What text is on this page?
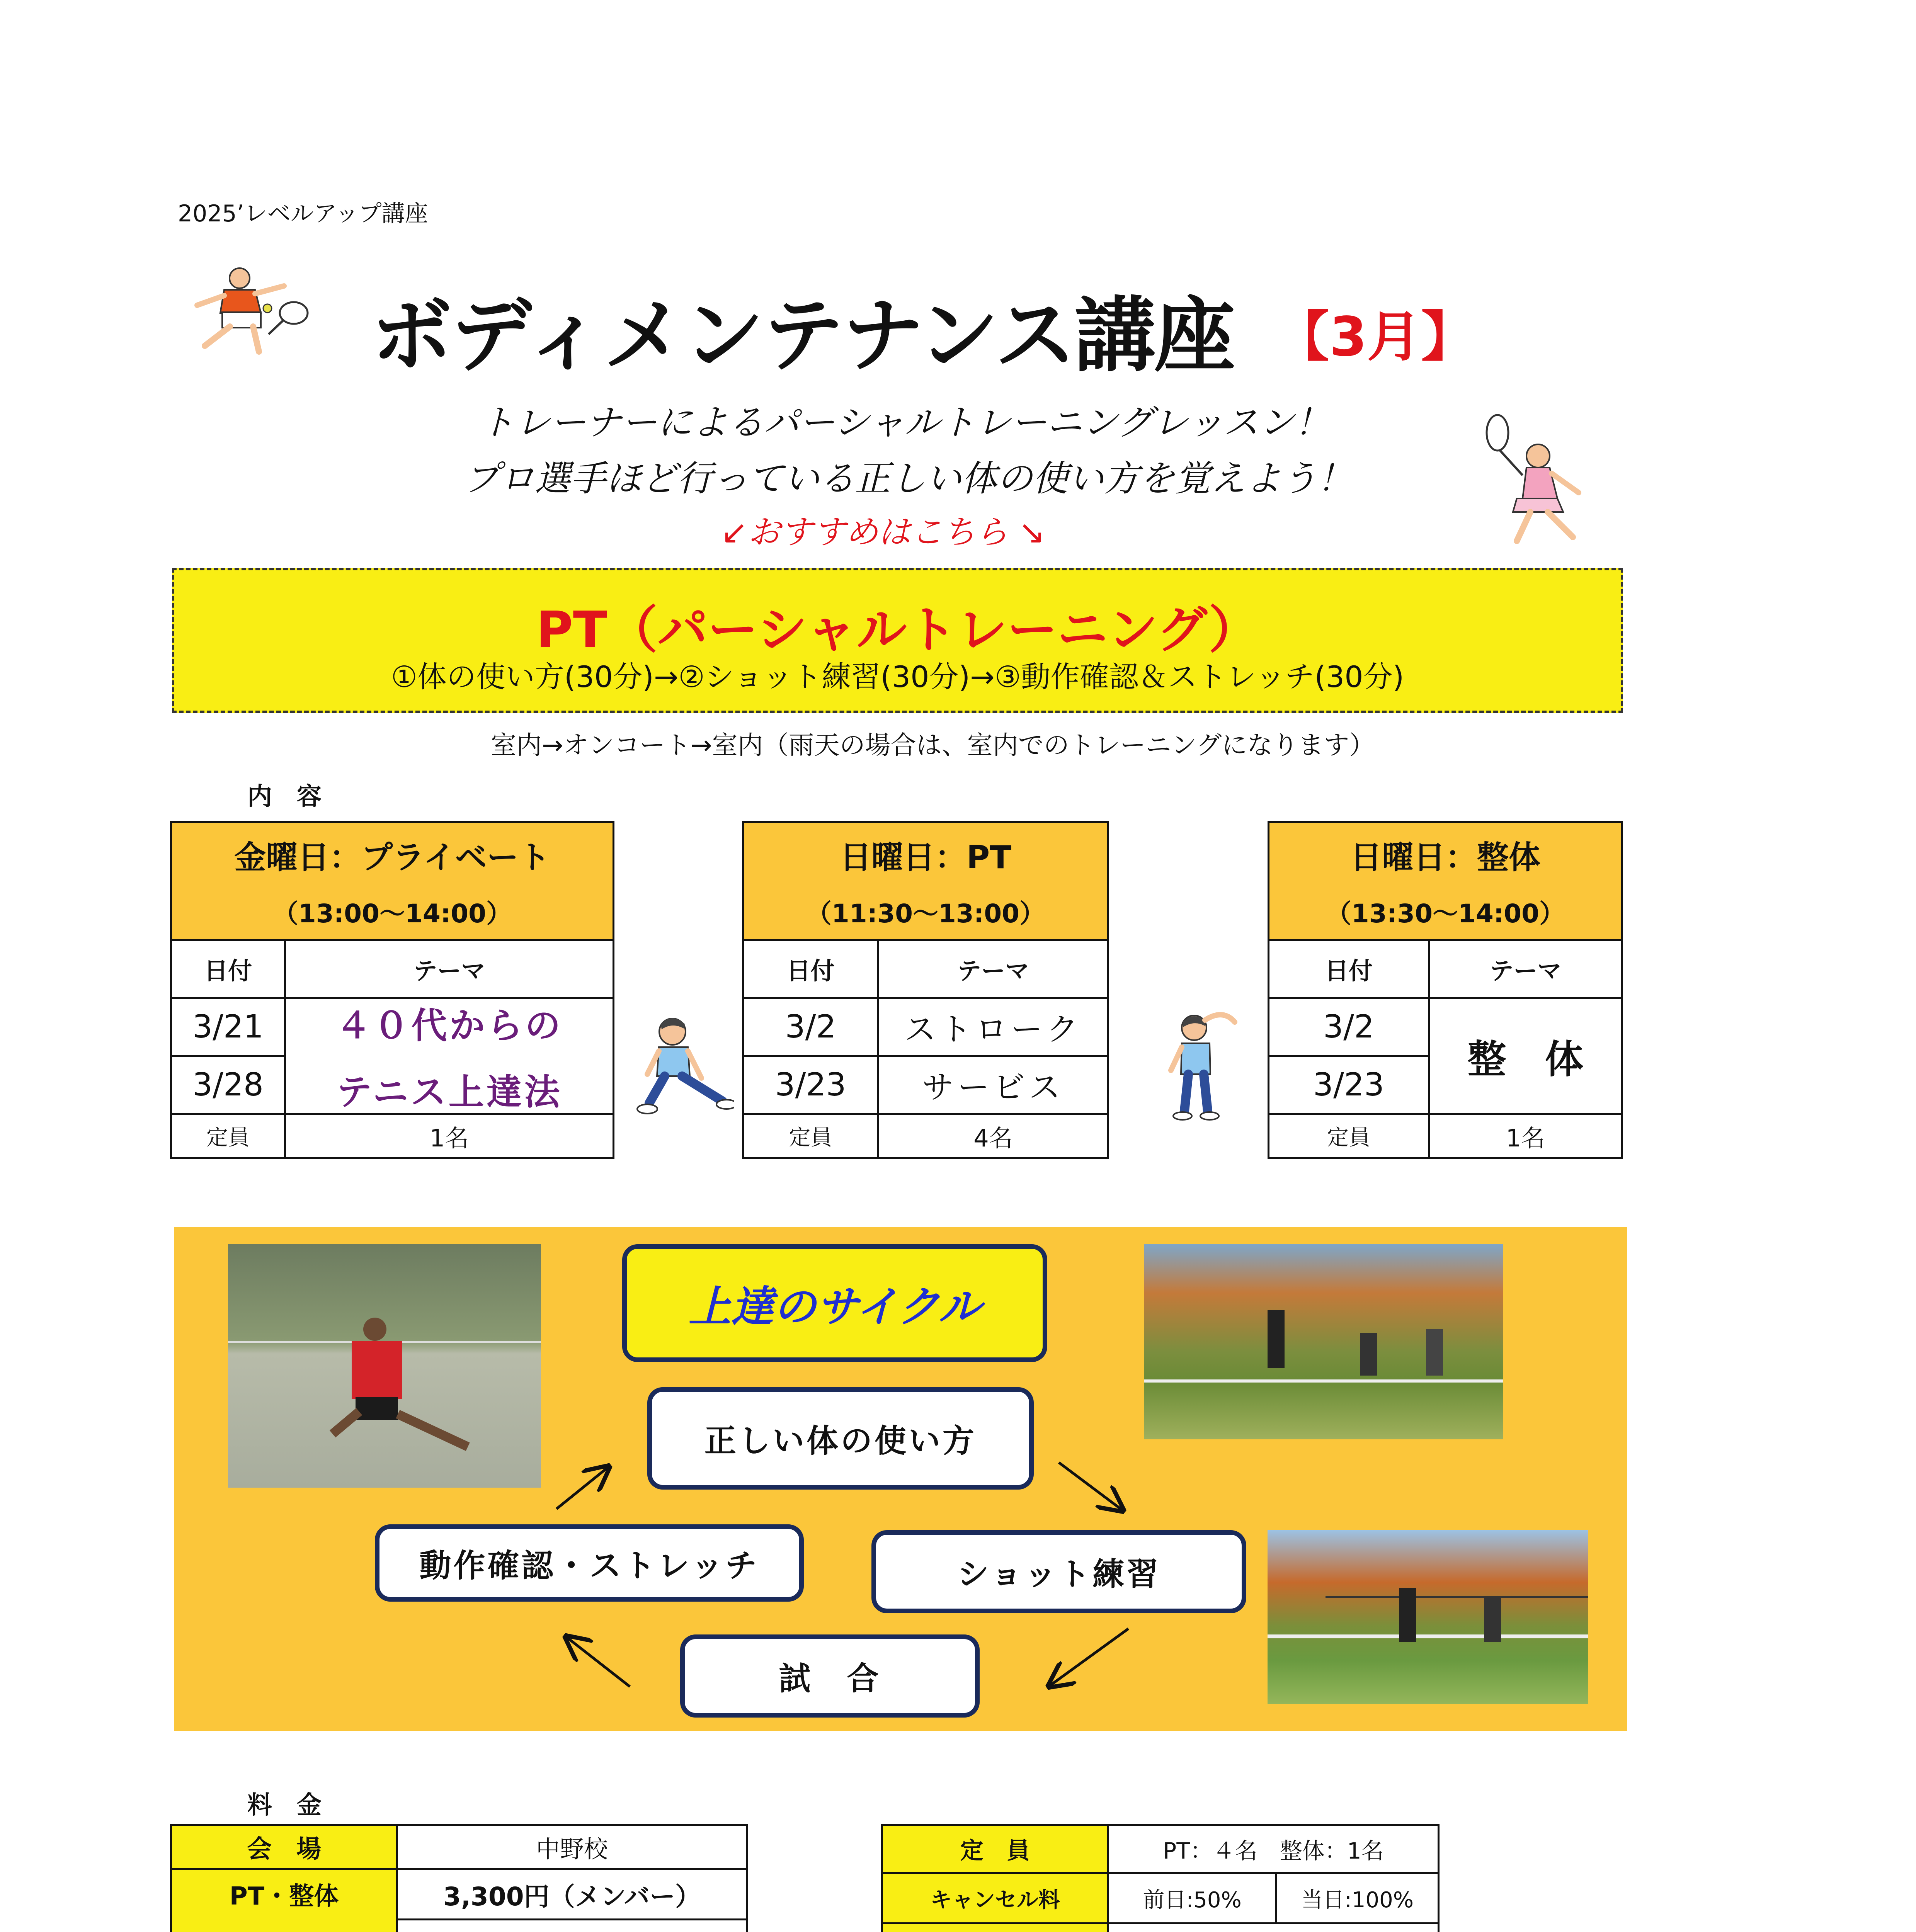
2025’レベルアップ講座
ボディメンテナンス講座 【3月】
トレーナーによるパーシャルトレーニングレッスン！
プロ選手ほど行っている正しい体の使い方を覚えよう！
↙おすすめはこちら ↘
PT（パーシャルトレーニング）
①体の使い方(30分)→②ショット練習(30分)→③動作確認＆ストレッチ(30分)
室内→オンコート→室内（雨天の場合は、室内でのトレーニングになります）
内　容
金曜日：プライベート
（13:00～14:00）
日付	テーマ
3/21
3/28
４０代からの
テニス上達法
定員	1名
日曜日：PT
（11:30～13:00）
日付	テーマ
3/2	ストローク
3/23	サービス
定員	4名
日曜日：整体
（13:30～14:00）
日付	テーマ
3/2
3/23
整　体
定員	1名
上達のサイクル
正しい体の使い方
ショット練習
試　合
動作確認・ストレッチ
料　金
会　場	中野校
PT・整体	3,300円（メンバー）
定　員	PT：４名　整体：1名
キャンセル料	前日:50%	当日:100%
